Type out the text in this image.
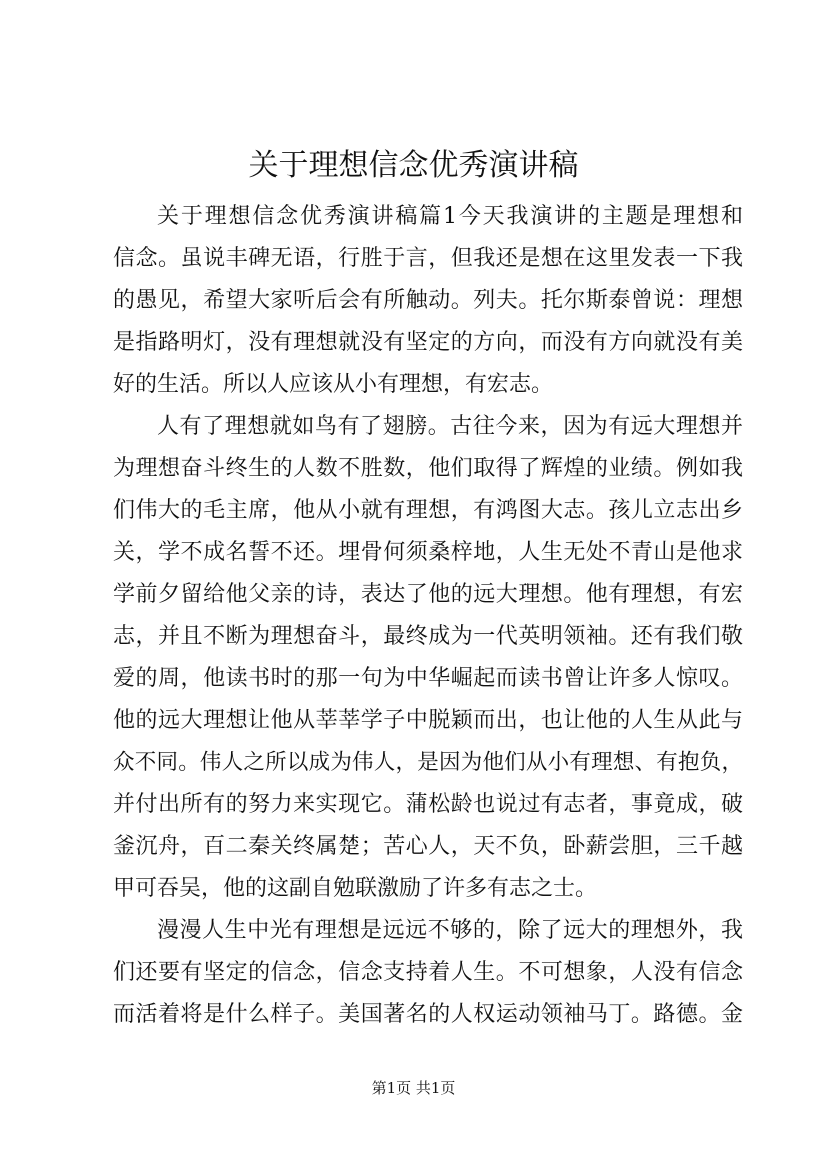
关于理想信念优秀演讲稿
关于理想信念优秀演讲稿篇1今天我演讲的主题是理想和
信念。虽说丰碑无语，行胜于言，但我还是想在这里发表一下我
的愚见，希望大家听后会有所触动。列夫。托尔斯泰曾说：理想
是指路明灯，没有理想就没有坚定的方向，而没有方向就没有美
好的生活。所以人应该从小有理想，有宏志。
人有了理想就如鸟有了翅膀。古往今来，因为有远大理想并
为理想奋斗终生的人数不胜数，他们取得了辉煌的业绩。例如我
们伟大的毛主席，他从小就有理想，有鸿图大志。孩儿立志出乡
关，学不成名誓不还。埋骨何须桑梓地，人生无处不青山是他求
学前夕留给他父亲的诗，表达了他的远大理想。他有理想，有宏
志，并且不断为理想奋斗，最终成为一代英明领袖。还有我们敬
爱的周，他读书时的那一句为中华崛起而读书曾让许多人惊叹。
他的远大理想让他从莘莘学子中脱颖而出，也让他的人生从此与
众不同。伟人之所以成为伟人，是因为他们从小有理想、有抱负，
并付出所有的努力来实现它。蒲松龄也说过有志者，事竟成，破
釜沉舟，百二秦关终属楚；苦心人，天不负，卧薪尝胆，三千越
甲可吞吴，他的这副自勉联激励了许多有志之士。
漫漫人生中光有理想是远远不够的，除了远大的理想外，我
们还要有坚定的信念，信念支持着人生。不可想象，人没有信念
而活着将是什么样子。美国著名的人权运动领袖马丁。路德。金
第1页 共1页
